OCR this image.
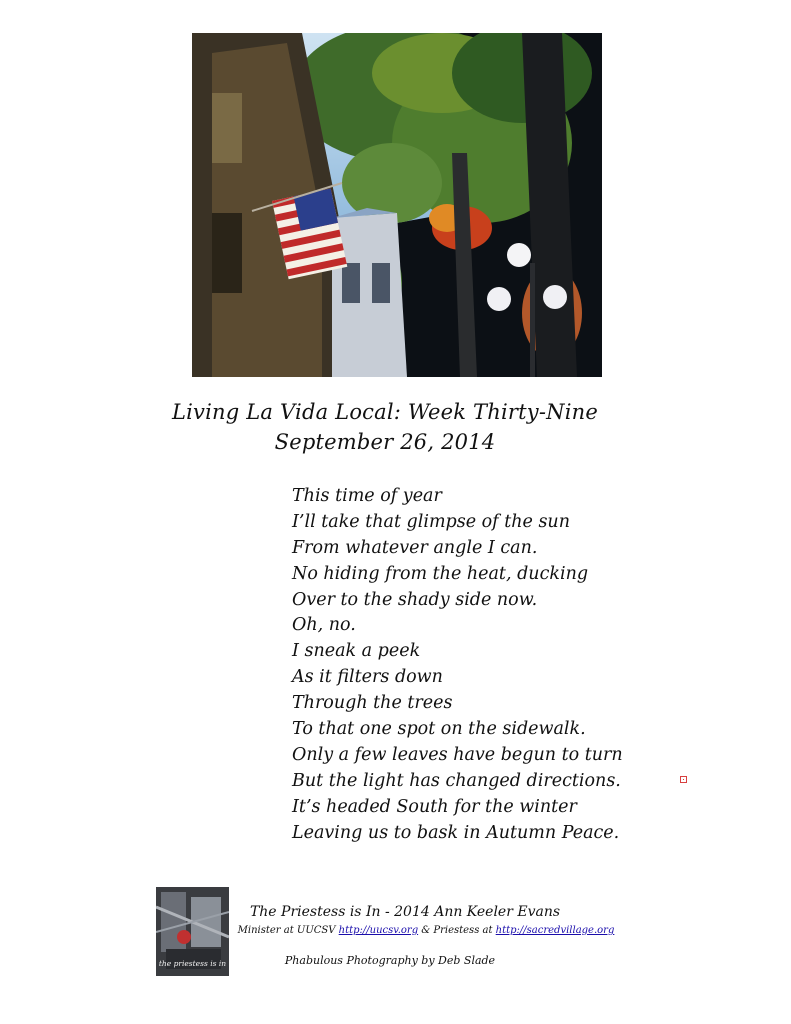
Living La Vida Local: Week Thirty-Nine
September 26, 2014
This time of year
I’ll take that glimpse of the sun
From whatever angle I can.
No hiding from the heat, ducking
Over to the shady side now.
Oh, no.
I sneak a peek
As it filters down
Through the trees
To that one spot on the sidewalk.
Only a few leaves have begun to turn
But the light has changed directions.
It’s headed South for the winter
Leaving us to bask in Autumn Peace.
the priestess is in

The Priestess is In - 2014 Ann Keeler Evans

Minister at UUCSV http://uucsv.org & Priestess at http://sacredvillage.org

Phabulous Photography by Deb Slade
